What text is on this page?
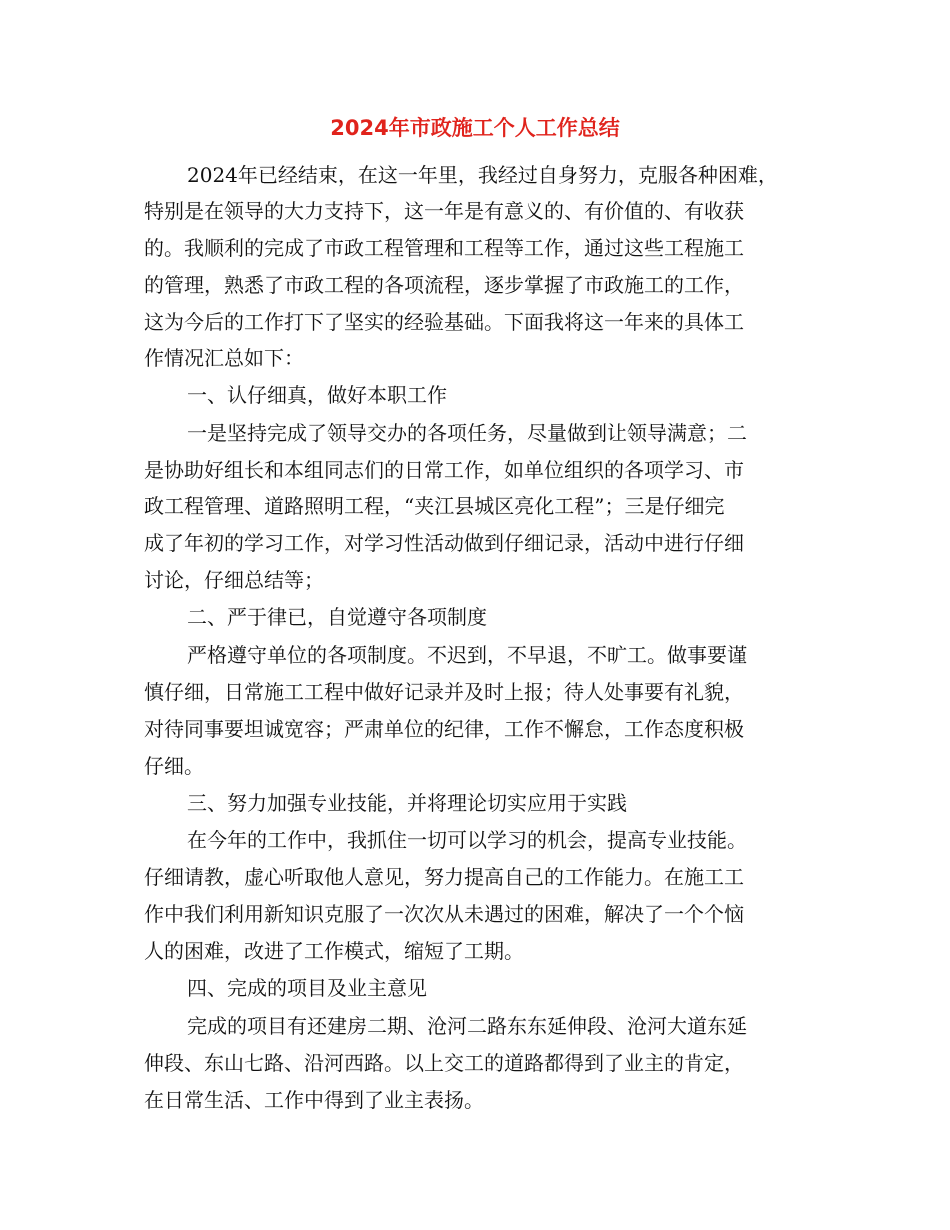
2024年市政施工个人工作总结

2024年已经结束，在这一年里，我经过自身努力，克服各种困难，

特别是在领导的大力支持下，这一年是有意义的、有价值的、有收获

的。我顺利的完成了市政工程管理和工程等工作，通过这些工程施工

的管理，熟悉了市政工程的各项流程，逐步掌握了市政施工的工作，

这为今后的工作打下了坚实的经验基础。下面我将这一年来的具体工

作情况汇总如下：

一、认仔细真，做好本职工作

一是坚持完成了领导交办的各项任务，尽量做到让领导满意；二

是协助好组长和本组同志们的日常工作，如单位组织的各项学习、市

政工程管理、道路照明工程，“夹江县城区亮化工程”；三是仔细完

成了年初的学习工作，对学习性活动做到仔细记录，活动中进行仔细

讨论，仔细总结等；

二、严于律已，自觉遵守各项制度

严格遵守单位的各项制度。不迟到，不早退，不旷工。做事要谨

慎仔细，日常施工工程中做好记录并及时上报；待人处事要有礼貌，

对待同事要坦诚宽容；严肃单位的纪律，工作不懈怠，工作态度积极

仔细。

三、努力加强专业技能，并将理论切实应用于实践

在今年的工作中，我抓住一切可以学习的机会，提高专业技能。

仔细请教，虚心听取他人意见，努力提高自己的工作能力。在施工工

作中我们利用新知识克服了一次次从未遇过的困难，解决了一个个恼

人的困难，改进了工作模式，缩短了工期。

四、完成的项目及业主意见

完成的项目有还建房二期、沧河二路东东延伸段、沧河大道东延

伸段、东山七路、沿河西路。以上交工的道路都得到了业主的肯定，

在日常生活、工作中得到了业主表扬。
